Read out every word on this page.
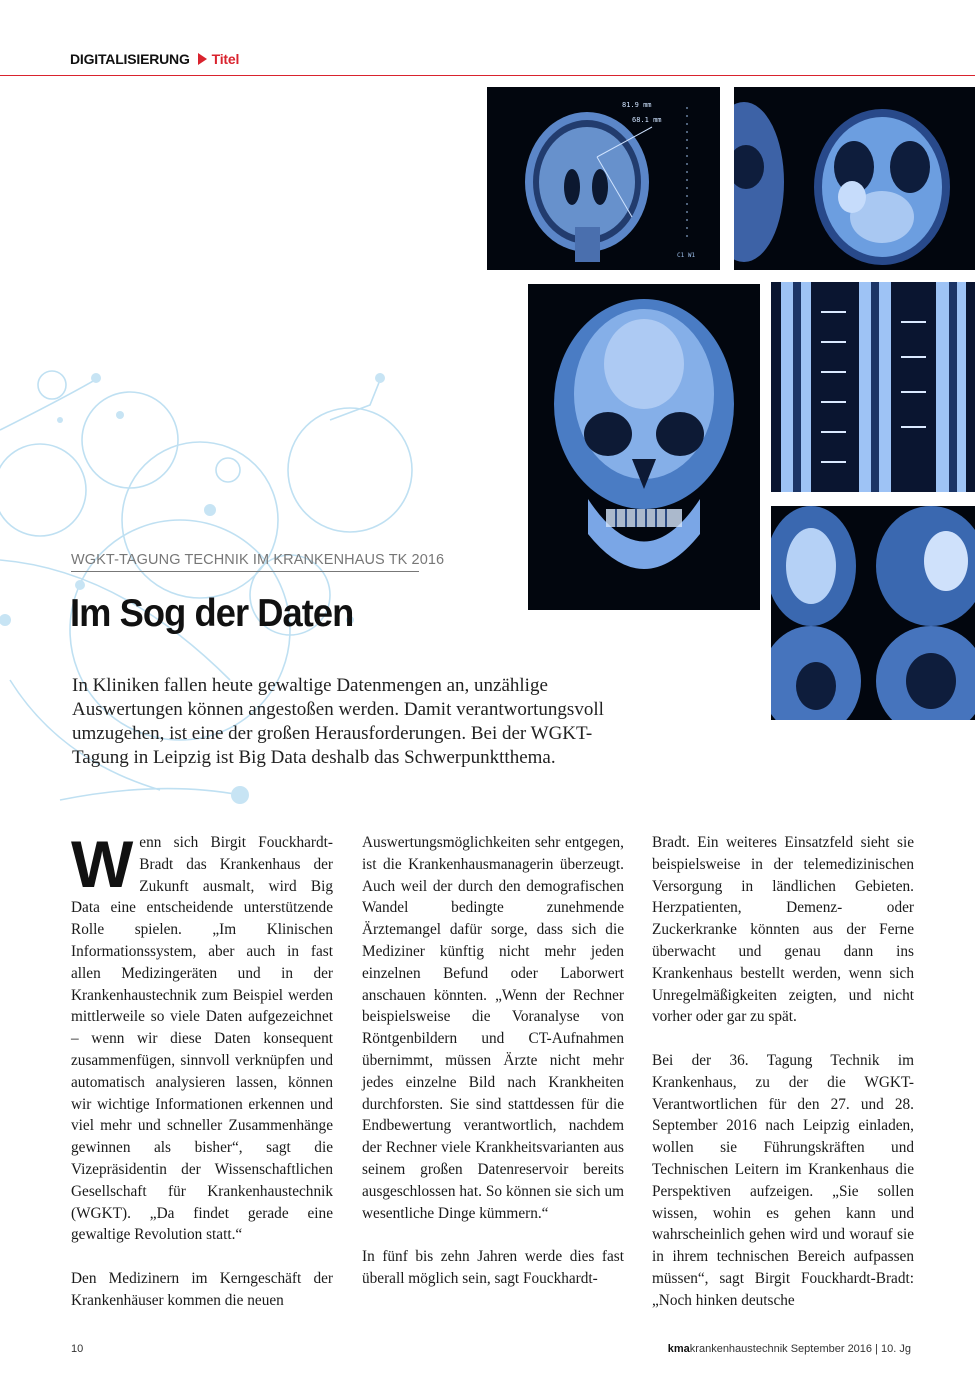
DIGITALISIERUNG Titel
81.9 mm
68.1 mm
C1 W1
WGKT-TAGUNG TECHNIK IM KRANKENHAUS TK 2016
Im Sog der Daten
In Kliniken fallen heute gewaltige Datenmengen an, unzählige Auswertungen können angestoßen werden. Damit verantwortungsvoll umzugehen, ist eine der großen Herausforderungen. Bei der WGKT-Tagung in Leipzig ist Big Data deshalb das Schwerpunktthema.

Wenn sich Birgit Fouckhardt-Bradt das Krankenhaus der Zukunft ausmalt, wird Big Data eine entscheidende unterstützende Rolle spielen. „Im Klinischen Informationssystem, aber auch in fast allen Medizingeräten und in der Krankenhaustechnik zum Beispiel werden mittlerweile so viele Daten aufgezeichnet – wenn wir diese Daten konsequent zusammenfügen, sinnvoll verknüpfen und automatisch analysieren lassen, können wir wichtige Informationen erkennen und viel mehr und schneller Zusammenhänge gewinnen als bisher“, sagt die Vizepräsidentin der Wissenschaftlichen Gesellschaft für Krankenhaustechnik (WGKT). „Da findet gerade eine gewaltige Revolution statt.“

Den Medizinern im Kerngeschäft der Krankenhäuser kommen die neuen

Auswertungsmöglichkeiten sehr entgegen, ist die Krankenhausmanagerin überzeugt. Auch weil der durch den demografischen Wandel bedingte zunehmende Ärztemangel dafür sorge, dass sich die Mediziner künftig nicht mehr jeden einzelnen Befund oder Laborwert anschauen könnten. „Wenn der Rechner beispielsweise die Voranalyse von Röntgenbildern und CT-Aufnahmen übernimmt, müssen Ärzte nicht mehr jedes einzelne Bild nach Krankheiten durchforsten. Sie sind stattdessen für die Endbewertung verantwortlich, nachdem der Rechner viele Krankheitsvarianten aus seinem großen Datenreservoir bereits ausgeschlossen hat. So können sie sich um wesentliche Dinge kümmern.“

In fünf bis zehn Jahren werde dies fast überall möglich sein, sagt Fouckhardt-

Bradt. Ein weiteres Einsatzfeld sieht sie beispielsweise in der telemedizinischen Versorgung in ländlichen Gebieten. Herzpatienten, Demenz- oder Zuckerkranke könnten aus der Ferne überwacht und genau dann ins Krankenhaus bestellt werden, wenn sich Unregelmäßigkeiten zeigten, und nicht vorher oder gar zu spät.

Bei der 36. Tagung Technik im Krankenhaus, zu der die WGKT-Verantwortlichen für den 27. und 28. September 2016 nach Leipzig einladen, wollen sie Führungskräften und Technischen Leitern im Krankenhaus die Perspektiven aufzeigen. „Sie sollen wissen, wohin es gehen kann und wahrscheinlich gehen wird und worauf sie in ihrem technischen Bereich aufpassen müssen“, sagt Birgit Fouckhardt-Bradt: „Noch hinken deutsche

10	kmakrankenhaustechnik September 2016 | 10. Jg
